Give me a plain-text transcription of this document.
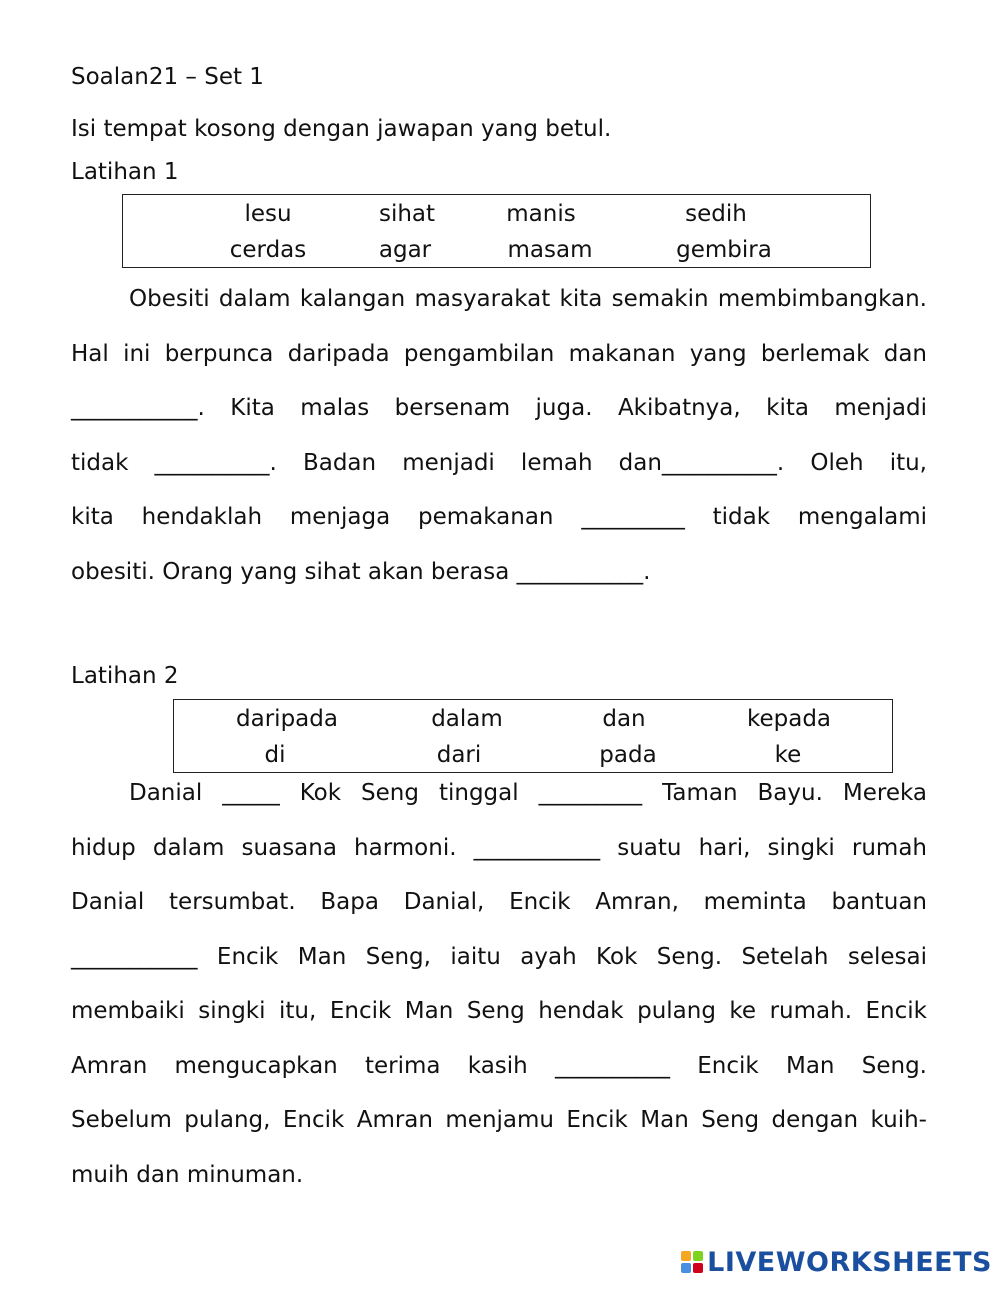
Soalan21 – Set 1
Isi tempat kosong dengan jawapan yang betul.
Latihan 1
lesu	sihat	manis	sedih
cerdas	agar	masam	gembira
Obesiti dalam kalangan masyarakat kita semakin membimbangkan.
Hal ini berpunca daripada pengambilan makanan yang berlemak dan
___________. Kita malas bersenam juga. Akibatnya, kita menjadi
tidak __________. Badan menjadi lemah dan__________. Oleh itu,
kita hendaklah menjaga pemakanan _________ tidak mengalami
obesiti. Orang yang sihat akan berasa ___________.
Latihan 2
daripada	dalam	dan	kepada
di	dari	pada	ke
Danial _____ Kok Seng tinggal _________ Taman Bayu. Mereka
hidup dalam suasana harmoni. ___________ suatu hari, singki rumah
Danial tersumbat. Bapa Danial, Encik Amran, meminta bantuan
___________ Encik Man Seng, iaitu ayah Kok Seng. Setelah selesai
membaiki singki itu, Encik Man Seng hendak pulang ke rumah. Encik
Amran mengucapkan terima kasih __________ Encik Man Seng.
Sebelum pulang, Encik Amran menjamu Encik Man Seng dengan kuih-
muih dan minuman.
LIVEWORKSHEETS
